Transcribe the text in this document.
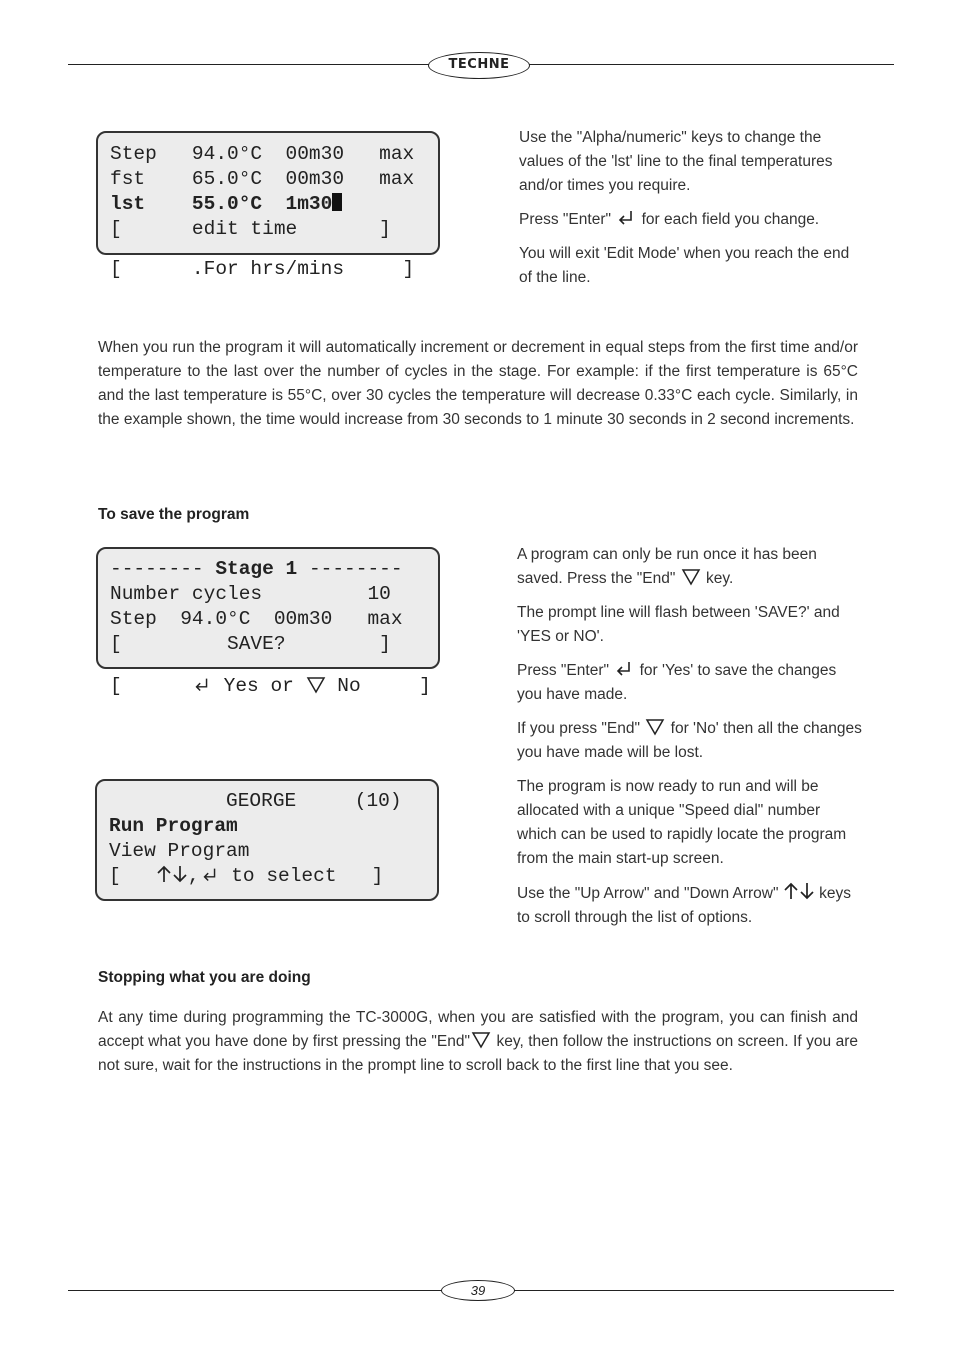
TECHNE

Step   94.0°C  00m30   max

fst    65.0°C  00m30   max

lst    55.0°C  1m30

[      edit time       ]

[      .For hrs/mins     ]

Use the "Alpha/numeric" keys to change the values of the 'lst' line to the final temperatures and/or times you require.

Press "Enter" for each field you change.

You will exit 'Edit Mode' when you reach the end of the line.

When you run the program it will automatically increment or decrement in equal steps from the first time and/or temperature to the last over the number of cycles in the stage. For example: if the first temperature is 65°C and the last temperature is 55°C, over 30 cycles the temperature will decrease 0.33°C each cycle. Similarly, in the example shown, the time would increase from 30 seconds to 1 minute 30 seconds in 2 second increments.
To save the program

-------- Stage 1 --------

Number cycles         10

Step  94.0°C  00m30   max

[         SAVE?        ]

[	Yes or No	]

GEORGE     (10)

Run Program

View Program

[	, to select ]

A program can only be run once it has been saved. Press the "End" key.

The prompt line will flash between 'SAVE?' and 'YES or NO'.

Press "Enter" for 'Yes' to save the changes you have made.

If you press "End" for 'No' then all the changes you have made will be lost.

The program is now ready to run and will be allocated with a unique "Speed dial" number which can be used to rapidly locate the program from the main start-up screen.

Use the "Up Arrow" and "Down Arrow"	keys to scroll through the list of options.

Stopping what you are doing
At any time during programming the TC-3000G, when you are satisfied with the program, you can finish and accept what you have done by first pressing the "End" key, then follow the instructions on screen. If you are not sure, wait for the instructions in the prompt line to scroll back to the first line that you see.
39
